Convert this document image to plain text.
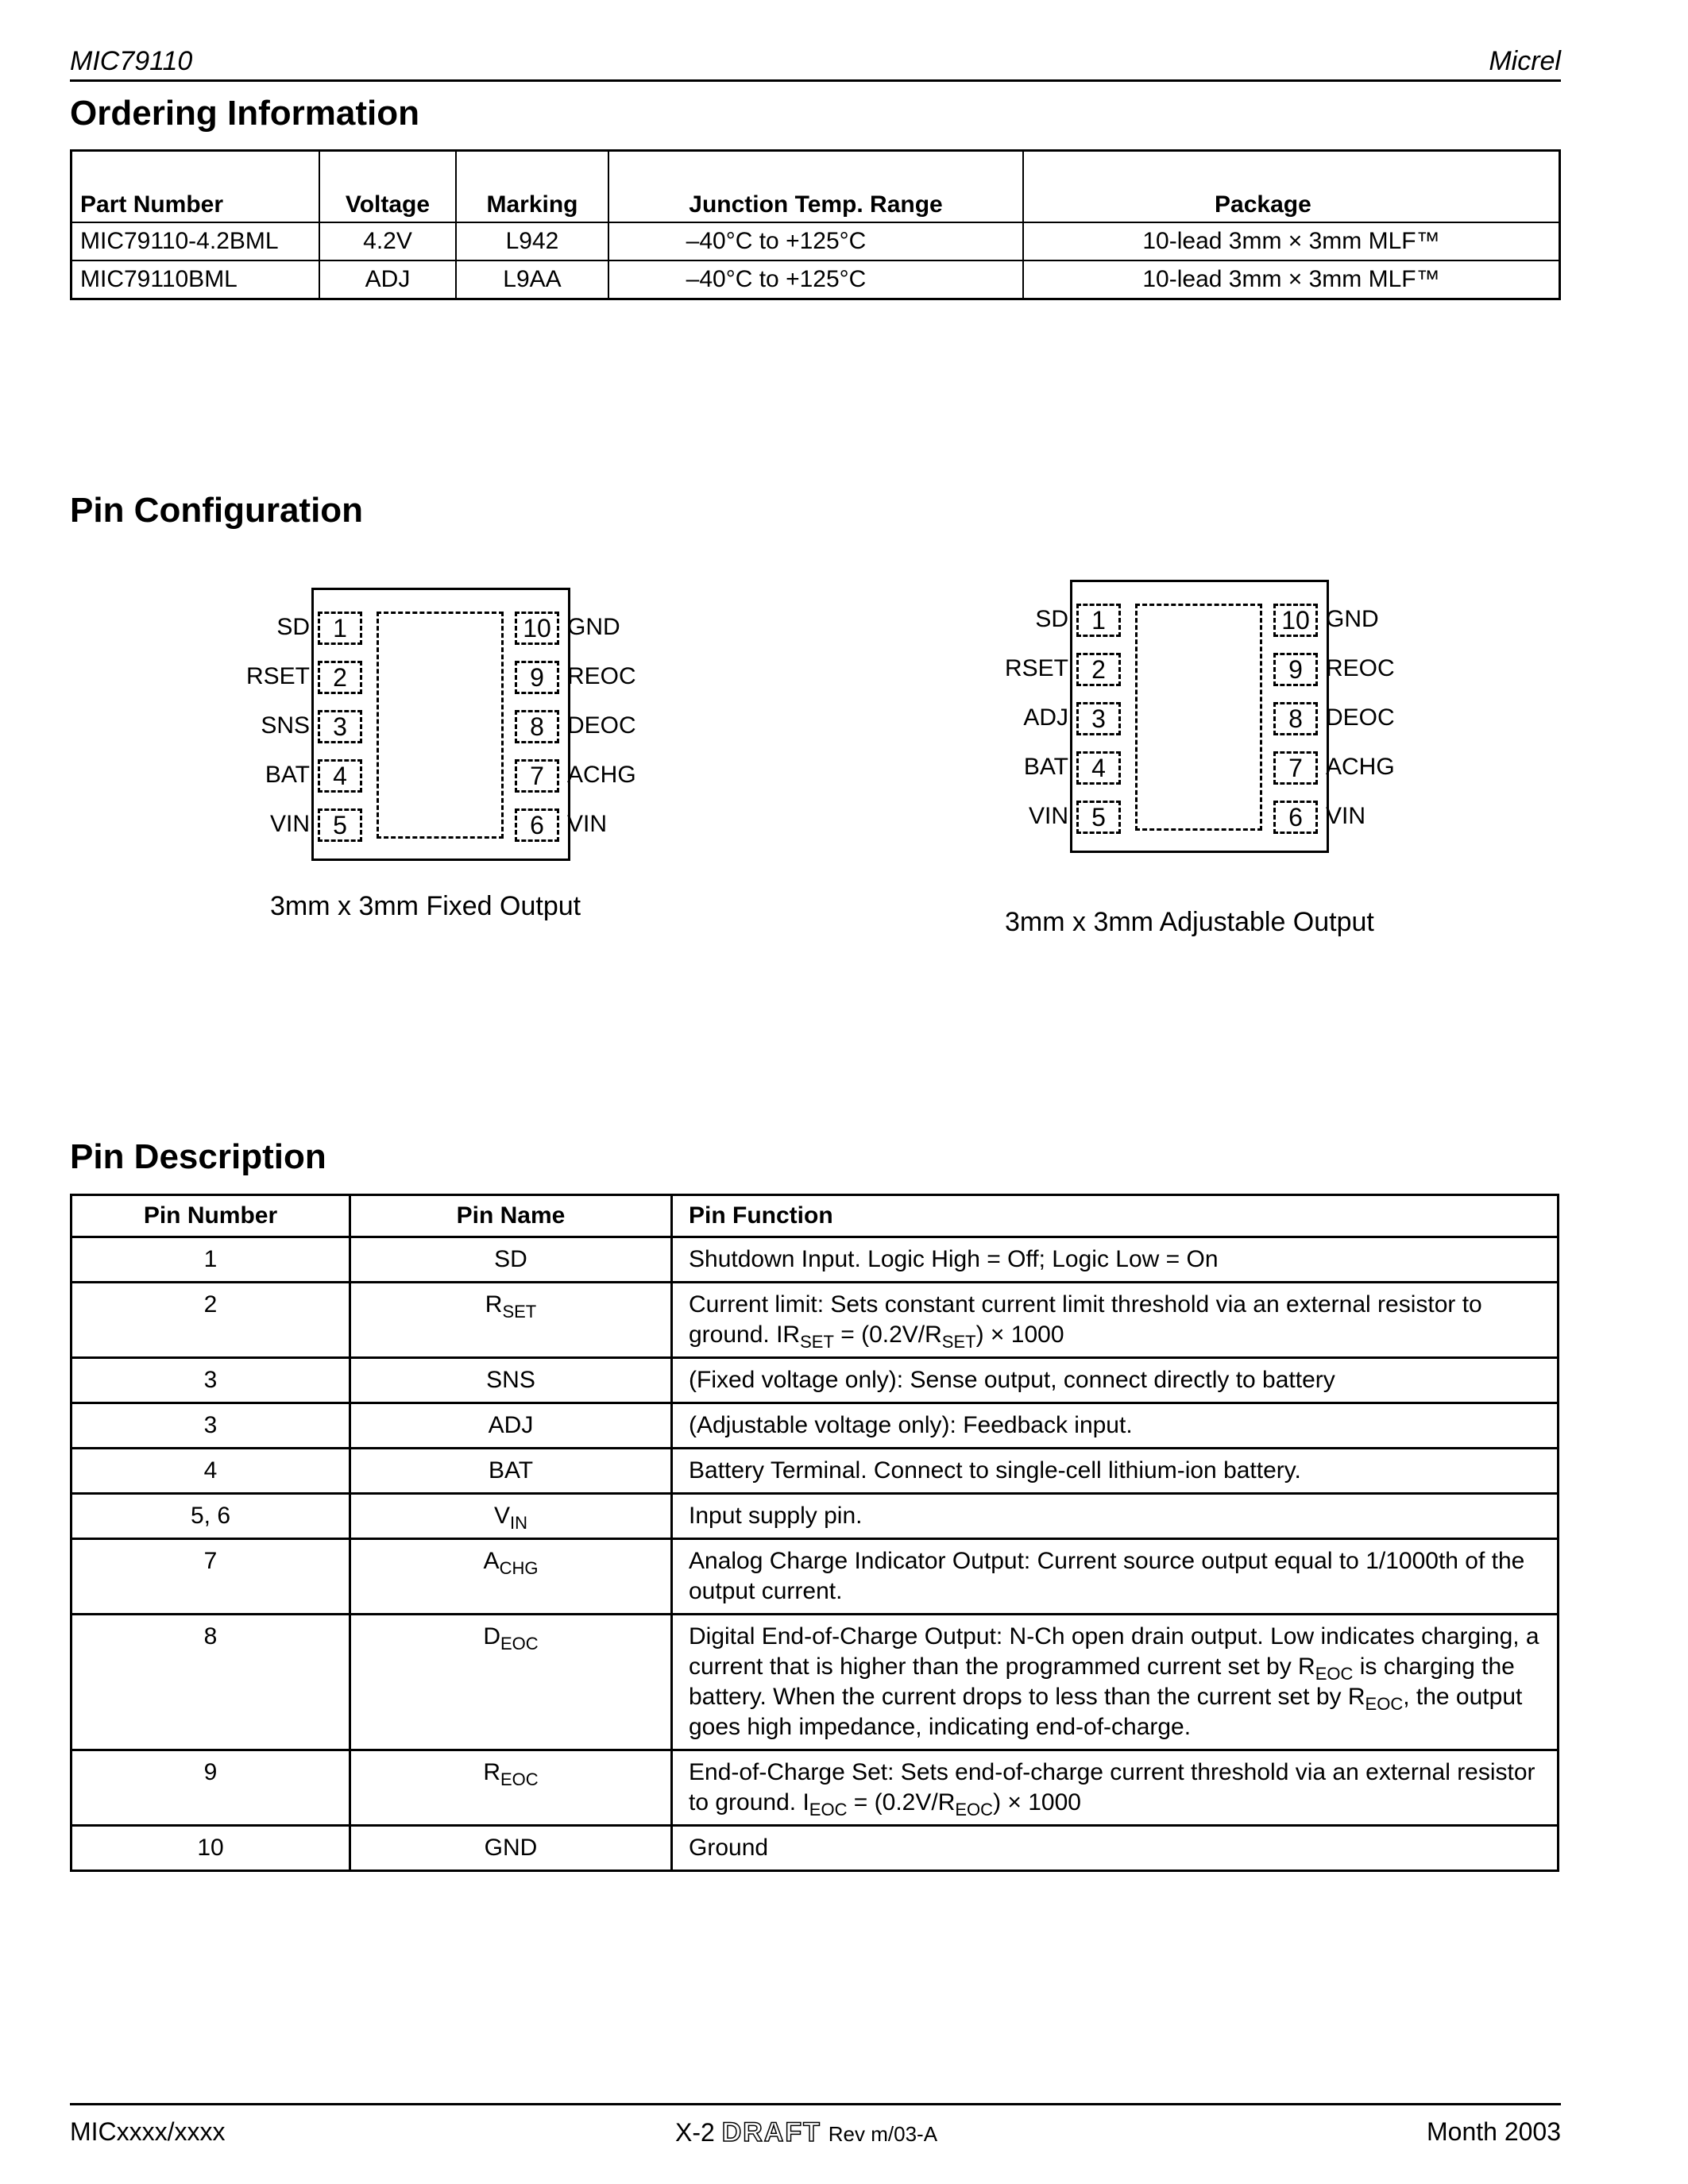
MIC79110	Micrel
Ordering Information
Part Number	Voltage	Marking	Junction Temp. Range	Package
MIC79110-4.2BML	4.2V	L942	–40°C to +125°C	10-lead 3mm × 3mm MLF™
MIC79110BML	ADJ	L9AA	–40°C to +125°C	10-lead 3mm × 3mm MLF™
Pin Configuration
SD 1
RSET 2
SNS 3
BAT 4
VIN 5
10 GND
9 REOC
8 DEOC
7 ACHG
6 VIN
3mm x 3mm Fixed Output
SD 1
RSET 2
ADJ 3
BAT 4
VIN 5
10 GND
9 REOC
8 DEOC
7 ACHG
6 VIN
3mm x 3mm Adjustable Output
Pin Description
Pin Number	Pin Name	Pin Function
1	SD	Shutdown Input. Logic High = Off; Logic Low = On
2	$R_{SET}$	Current limit: Sets constant current limit threshold via an external resistor to ground. $IR_{SET} = (0.2V/R_{SET}) \times 1000$
3	SNS	(Fixed voltage only): Sense output, connect directly to battery
3	ADJ	(Adjustable voltage only): Feedback input.
4	BAT	Battery Terminal. Connect to single-cell lithium-ion battery.
5, 6	$V_{IN}$	Input supply pin.
7	$A_{CHG}$	Analog Charge Indicator Output: Current source output equal to 1/1000th of the output current.
8	$D_{EOC}$	Digital End-of-Charge Output: N-Ch open drain output. Low indicates charging, a current that is higher than the programmed current set by $R_{EOC}$ is charging the battery. When the current drops to less than the current set by $R_{EOC}$, the output goes high impedance, indicating end-of-charge.
9	$R_{EOC}$	End-of-Charge Set: Sets end-of-charge current threshold via an external resistor to ground. $I_{EOC} = (0.2V/R_{EOC}) \times 1000$
10	GND	Ground
MICxxxx/xxxx	X-2 DRAFT Rev m/03-A	Month 2003
